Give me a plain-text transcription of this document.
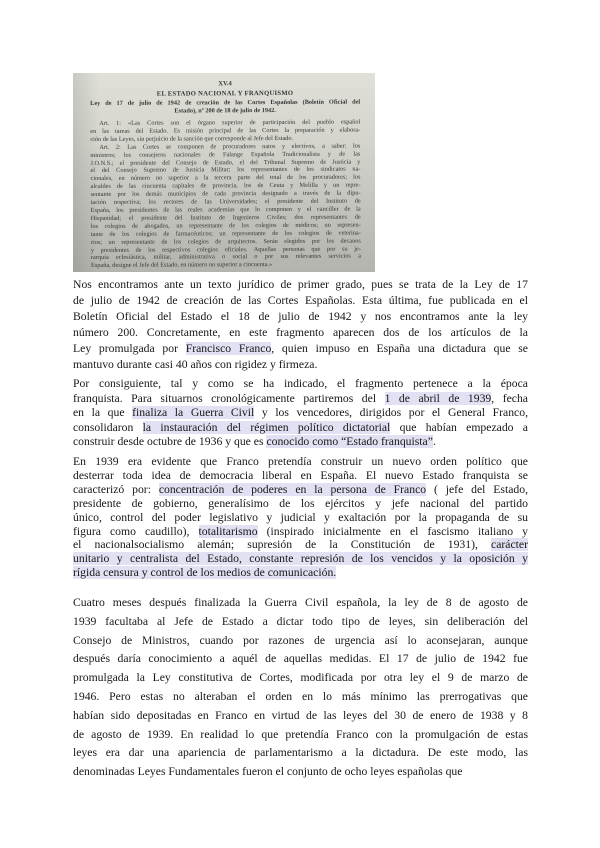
XV.4
EL ESTADO NACIONAL Y FRANQUISMO
Ley de 17 de julio de 1942 de creación de las Cortes Españolas (Boletín Oficial del
Estado), nº 200 de 18 de julio de 1942.
Art. 1: «Las Cortes son el órgano superior de participación del pueblo español
en las tareas del Estado. Es misión principal de las Cortes la preparación y elabora-
ción de las Leyes, sin perjuicio de la sanción que corresponde al Jefe del Estado.
Art. 2: Las Cortes se componen de procuradores natos y electivos, a saber: los
ministros; los consejeros nacionales de Falange Española Tradicionalista y de las
J.O.N.S.; el presidente del Consejo de Estado, el del Tribunal Supremo de Justicia y
el del Consejo Supremo de Justicia Militar; los representantes de los sindicatos na-
cionales, en número no superior a la tercera parte del total de los procuradores; los
alcaldes de las cincuenta capitales de provincia, los de Ceuta y Melilla y un repre-
sentante por los demás municipios de cada provincia designado a través de la dipu-
tación respectiva; los rectores de las Universidades; el presidente del Instituto de
España, los presidentes de las reales academias que lo componen y el canciller de la
Hispanidad; el presidente del Instituto de Ingenieros Civiles; dos representantes de
los colegios de abogados, un representante de los colegios de médicos; un represen-
tante de los colegios de farmacéuticos; un representante de los colegios de veterina-
rios; un representante de los colegios de arquitectos. Serán elegidos por los decanos
y presidentes de los respectivos colegios oficiales. Aquellas personas que por su je-
rarquía eclesiástica, militar, administrativa o social o por sus relevantes servicios a
España, designe el Jefe del Estado, en número no superior a cincuenta.»
Nos encontramos ante un texto jurídico de primer grado, pues se trata de la Ley de 17
de julio de 1942 de creación de las Cortes Españolas. Esta última, fue publicada en el
Boletín Oficial del Estado el 18 de julio de 1942 y nos encontramos ante la ley
número 200. Concretamente, en este fragmento aparecen dos de los artículos de la
Ley promulgada por Francisco Franco, quien impuso en España una dictadura que se
mantuvo durante casi 40 años con rigidez y firmeza.
Por consiguiente, tal y como se ha indicado, el fragmento pertenece a la época
franquista. Para situarnos cronológicamente partiremos del 1 de abril de 1939, fecha
en la que finaliza la Guerra Civil y los vencedores, dirigidos por el General Franco,
consolidaron la instauración del régimen político dictatorial que habían empezado a
construir desde octubre de 1936 y que es conocido como “Estado franquista”.
En 1939 era evidente que Franco pretendía construir un nuevo orden político que
desterrar toda idea de democracia liberal en España. El nuevo Estado franquista se
caracterizó por: concentración de poderes en la persona de Franco ( jefe del Estado,
presidente de gobierno, generalísimo de los ejércitos y jefe nacional del partido
único, control del poder legislativo y judicial y exaltación por la propaganda de su
figura como caudillo), totalitarismo (inspirado inicialmente en el fascismo italiano y
el nacionalsocialismo alemán; supresión de la Constitución de 1931), carácter
unitario y centralista del Estado, constante represión de los vencidos y la oposición y
rígida censura y control de los medios de comunicación.
Cuatro meses después finalizada la Guerra Civil española, la ley de 8 de agosto de
1939 facultaba al Jefe de Estado a dictar todo tipo de leyes, sin deliberación del
Consejo de Ministros, cuando por razones de urgencia así lo aconsejaran, aunque
después daría conocimiento a aquél de aquellas medidas. El 17 de julio de 1942 fue
promulgada la Ley constitutiva de Cortes, modificada por otra ley el 9 de marzo de
1946. Pero estas no alteraban el orden en lo más mínimo las prerrogativas que
habían sido depositadas en Franco en virtud de las leyes del 30 de enero de 1938 y 8
de agosto de 1939. En realidad lo que pretendía Franco con la promulgación de estas
leyes era dar una apariencia de parlamentarismo a la dictadura. De este modo, las
denominadas Leyes Fundamentales fueron el conjunto de ocho leyes españolas que
